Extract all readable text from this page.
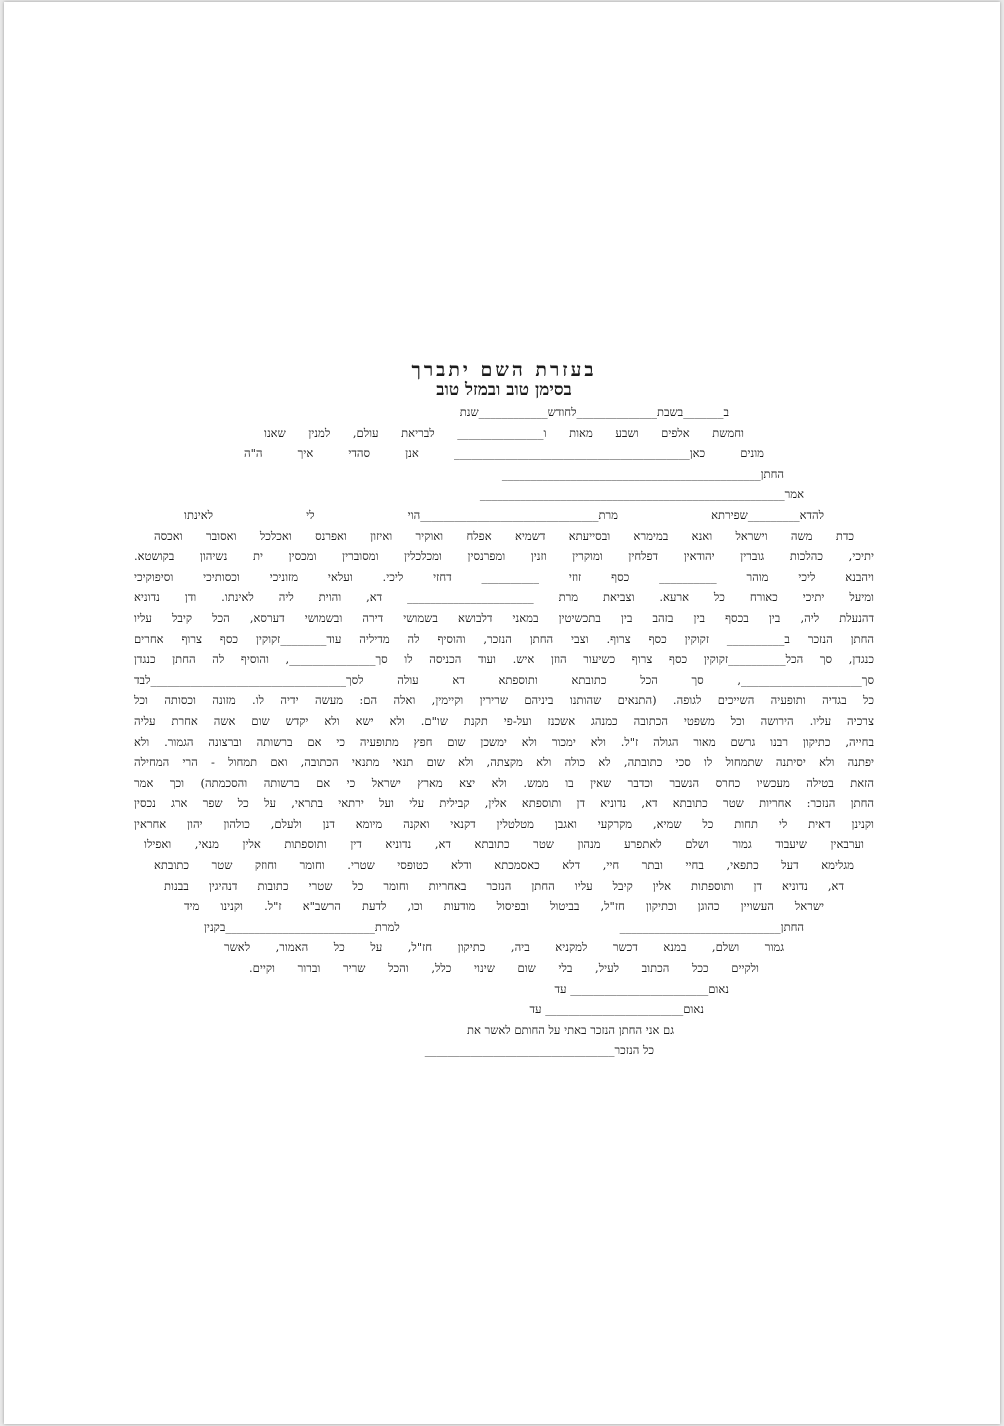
בעזרת השם יתברך
בסימן טוב ובמזל טוב
ב_______בשבת______________לחודש____________שנת
וחמשת אלפים ושבע מאות ו_______________ לבריאת עולם, למנין שאנו
מונים כאן_________________________________________ אנן סהדי איך ה"ה
החתן_____________________________________________
אמר_____________________________________________________
להדא_________שפירתא מרת_______________________________הוי לי לאינתו
כדת משה וישראל ואנא במימרא ובסייעתא דשמיא אפלח ואוקיר ואיזון ואפרנס ואכלכל ואסובר ואכסה
יתיכי, כהלכות גוברין יהודאין דפלחין ומוקרין וזנין ומפרנסין ומכלכלין ומסוברין ומכסין ית נשיהון בקושטא.
ויהבנא ליכי מוהר __________ כסף זוזי __________ דחזי ליכי. ועלאי מזוניכי וכסותיכי וסיפוקיכי
ומיעל יתיכי כאורח כל ארעא. וצביאת מרת ______________________ דא, והוית ליה לאינתו. ודן נדוניא
דהנעלת ליה, בין בכסף בין בזהב בין בתכשיטין במאני דלבושא בשמושי דירה ובשמושי דערסא, הכל קיבל עליו
החתן הנזכר ב__________ זקוקין כסף צרוף. וצבי החתן הנזכר, והוסיף לה מדיליה עוד________זקוקין כסף צרוף אחרים
כנגדן, סך הכל__________זקוקין כסף צרוף כשיעור הוזן איש. ועוד הכניסה לו סך_______________, והוסיף לה החתן כנגדן
סך_____________________, סך הכל כתובתא ותוספתא דא עולה לסך__________________________________לבד
כל בגדיה ותופעיה השייכים לגופה. (התנאים שהותנו ביניהם שרירין וקיימין, ואלה הם: מעשה ידיה לו. מזונה וכסותה וכל
צרכיה עליו. הירושה וכל משפטי הכתובה כמנהג אשכנז ועל-פי תקנת שו"ם. ולא ישא ולא יקדש שום אשה אחרת עליה
בחייה, כתיקון רבנו גרשם מאור הגולה ז"ל. ולא ימכור ולא ימשכן שום חפץ מתופעיה כי אם ברשותה וברצונה הגמור. ולא
יפתנה ולא יסיתנה שתמחול לו סכי כתובתה, לא כולה ולא מקצתה, ולא שום תנאי מתנאי הכתובה, ואם תמחול - הרי המחילה
הזאת בטילה מעכשיו כחרס הנשבר וכדבר שאין בו ממש. ולא יצא מארץ ישראל כי אם ברשותה והסכמתה) וכך אמר
החתן הנזכר: אחריות שטר כתובתא דא, נדוניא דן ותוספתא אלין, קבילית עלי ועל ירתאי בתראי, על כל שפר ארג נכסין
וקנינן דאית לי תחות כל שמיא, מקרקעי ואגבן מטלטלין דקנאי ואקנה מיומא דנן ולעלם, כולהון יהון אחראין
וערבאין שיעבוד גמור ושלם לאתפרע מנהון שטר כתובתא דא, נדוניא דין ותוספתות אלין מנאי, ואפילו
מגלימא דעל כתפאי, בחיי ובתר חיי, דלא כאסמכתא ודלא כטופסי שטרי. וחומר וחוזק שטר כתובתא
דא, נדוניא דן ותוספתות אלין קיבל עליו החתן הנזכר באחריות וחומר כל שטרי כתובות דנהיגין בבנות
ישראל העשויין כהוגן וכתיקון חז"ל, בביטול ובפיסול מודעות וכו, לדעת הרשב"א ז"ל. וקנינו מיד
החתן____________________________ למרת__________________________בקנין
גמור ושלם, במנא דכשר למקניא ביה, כתיקון חז"ל, על כל האמור, לאשר
ולקיים ככל הכתוב לעיל, בלי שום שינוי כלל, והכל שריר וברור וקיים.
נאום________________________ עד
נאום________________________ עד
גם אני החתן הנזכר באתי על החותם לאשר את
כל הנזכר_________________________________
